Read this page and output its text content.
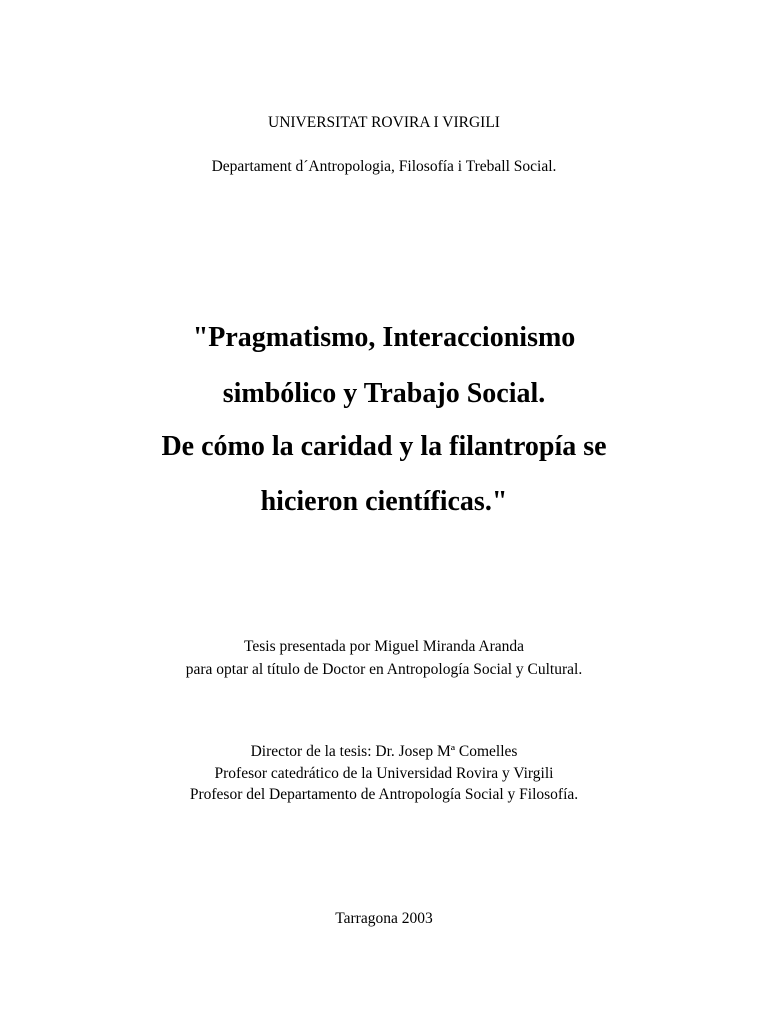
UNIVERSITAT ROVIRA I VIRGILI
Departament d´Antropologia, Filosofía i Treball Social.
"Pragmatismo, Interaccionismo
simbólico y Trabajo Social.
De cómo la caridad y la filantropía se
hicieron científicas."
Tesis presentada por Miguel Miranda Aranda
para optar al título de Doctor en Antropología Social y Cultural.
Director de la tesis: Dr. Josep Mª Comelles
Profesor catedrático de la Universidad Rovira y Virgili
Profesor del Departamento de Antropología Social y Filosofía.
Tarragona 2003
